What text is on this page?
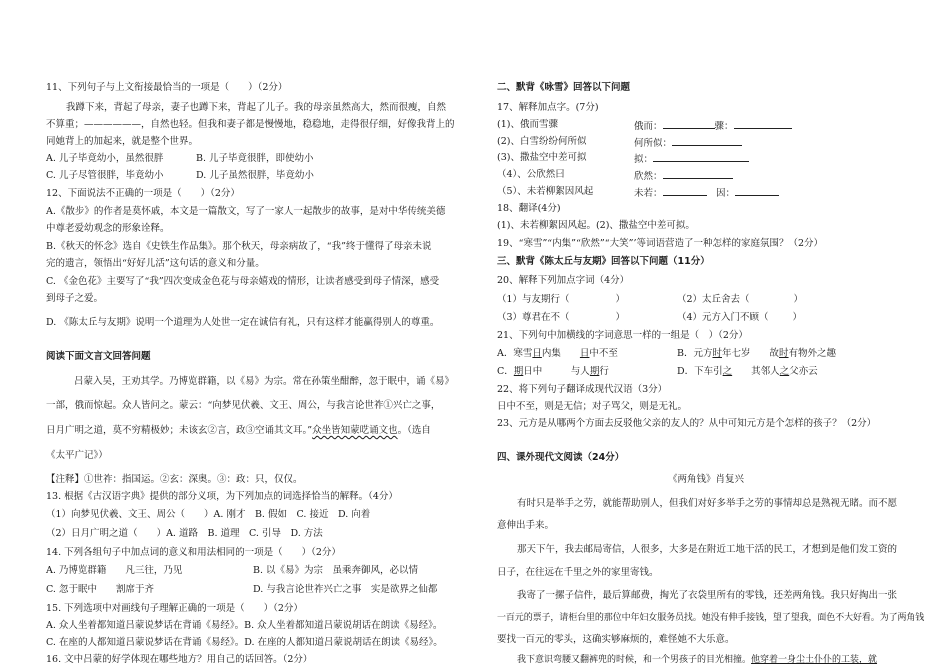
11、下列句子与上文衔接最恰当的一项是（　　）（2分）
我蹲下来，背起了母亲，妻子也蹲下来，背起了儿子。我的母亲虽然高大，然而很瘦，自然
不算重；——————，自然也轻。但我和妻子都是慢慢地，稳稳地，走得很仔细，好像我背上的
同她背上的加起来，就是整个世界。
A. 儿子毕竟幼小，虽然很胖	B. 儿子毕竟很胖，即使幼小
C. 儿子尽管很胖，毕竟幼小	D. 儿子虽然很胖，毕竟幼小
12、下面说法不正确的一项是（　　）（2分）
A.《散步》的作者是莫怀戚，本文是一篇散文，写了一家人一起散步的故事，是对中华传统美德
中尊老爱幼观念的形象诠释。
B.《秋天的怀念》选自《史铁生作品集》。那个秋天，母亲病故了，“我”终于懂得了母亲未说
完的遗言，领悟出“好好儿活”这句话的意义和分量。
C. 《金色花》主要写了“我”四次变成金色花与母亲嬉戏的情形，让读者感受到母子情深，感受
到母子之爱。
D. 《陈太丘与友期》说明一个道理为人处世一定在诚信有礼，只有这样才能赢得别人的尊重。
阅读下面文言文回答问题
吕蒙入吴，王劝其学。乃博览群籍，以《易》为宗。常在孙策坐酣醉，忽于眠中，诵《易》
一部，俄而惊起。众人皆问之。蒙云：“向梦见伏羲、文王、周公，与我言论世祚①兴亡之事，
日月广明之道，莫不穷精极妙；未该玄②言，政③空诵其文耳。”众坐皆知蒙呓诵文也。（选自
《太平广记》）
【注释】①世祚：指国运。②玄：深奥。③：政：只，仅仅。
13. 根据《古汉语字典》提供的部分义项，为下列加点的词选择恰当的解释。（4分）
（1）向梦见伏羲、文王、周公（　　）A. 刚才　B. 假如　C. 接近　D. 向着
（2）日月广明之道（　　）A. 道路　B. 道理　C. 引导　D. 方法
14. 下列各组句子中加点词的意义和用法相同的一项是（　　）（2分）
A. 乃博览群籍　　凡三往，乃见	B. 以《易》为宗　虽乘奔御风，必以情
C. 忽于眠中　　割席于齐	D. 与我言论世祚兴亡之事　实是欲界之仙都
15. 下列选项中对画线句子理解正确的一项是（　　）（2分）
A. 众人坐着都知道吕蒙说梦话在背诵《易经》。B. 众人坐着都知道吕蒙说胡话在朗读《易经》。
C. 在座的人都知道吕蒙说梦话在背诵《易经》。D. 在座的人都知道吕蒙说胡话在朗读《易经》。
16. 文中吕蒙的好学体现在哪些地方？用自己的话回答。（2分）
二、默背《咏雪》回答以下问题
17、解释加点字。(7分)
(1)、俄而雪骤	俄而：	骤：
(2)、白雪纷纷何所似	何所似：
(3)、撒盐空中差可拟	拟：
（4）、公欣然曰	欣然：
（5）、未若柳絮因风起	未若：　	因：
18、翻译(4分)
(1)、未若柳絮因风起。(2)、撒盐空中差可拟。
19、“寒雪”“内集”“欣然”“大笑”’等词语营造了一种怎样的家庭氛围？（2分）
三、默背《陈太丘与友期》回答以下问题（11分）
20、解释下列加点字词（4分）
（1）与友期行（	）	（2）太丘舍去（	）
（3）尊君在不（	）	（4）元方入门不顾（	）
21、下列句中加横线的字词意思一样的一组是（　）（2分）
A．寒雪日内集　　日中不至	B．元方时年七岁　　故时有物外之趣
C．期日中　　　与人期行	D．下车引之　　其邻人之父亦云
22、将下列句子翻译成现代汉语（3分）
日中不至，则是无信；对子骂父，则是无礼。
23、元方是从哪两个方面去反驳他父亲的友人的？从中可知元方是个怎样的孩子？（2分）
四、课外现代文阅读（24分）
《两角钱》肖复兴
有时只是举手之劳，就能帮助别人，但我们对好多举手之劳的事情却总是熟视无睹。而不愿
意伸出手来。
那天下午，我去邮局寄信，人很多，大多是在附近工地干活的民工，才想到是他们发工资的
日子，在往远在千里之外的家里寄钱。
我寄了一摞子信件，最后算邮费，掏光了衣袋里所有的零钱，还差两角钱。我只好掏出一张
一百元的票子，请柜台里的那位中年妇女服务员找。她没有伸手接钱，望了望我，面色不大好看。为了两角钱
要找一百元的零头，这确实够麻烦的，难怪她不大乐意。
我下意识弯腰又翻裤兜的时候，和一个男孩子的目光相撞。他穿着一身尘土仆仆的工装，就
